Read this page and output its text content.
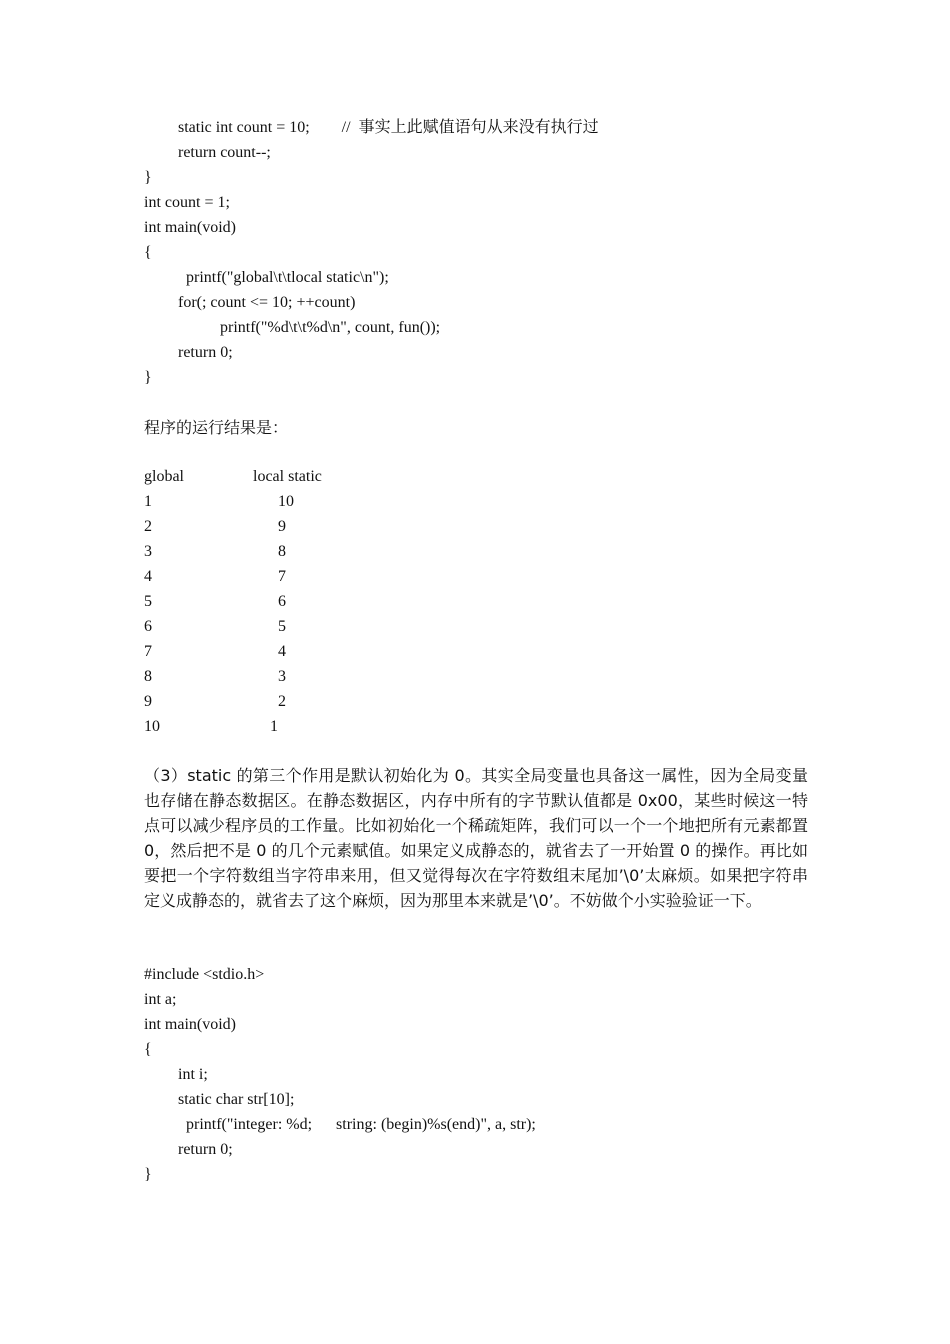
static int count = 10;        //  事实上此赋值语句从来没有执行过
return count--;
}
int count = 1;
int main(void)
{
printf("global\t\tlocal static\n");
for(; count <= 10; ++count)
printf("%d\t\t%d\n", count, fun());
return 0;
}
程序的运行结果是：
global	local static
1	10
2	9
3	8
4	7
5	6
6	5
7	4
8	3
9	2
10	1
（3）static 的第三个作用是默认初始化为 0。其实全局变量也具备这一属性，因为全局变量也存储在静态数据区。在静态数据区，内存中所有的字节默认值都是 0x00，某些时候这一特点可以减少程序员的工作量。比如初始化一个稀疏矩阵，我们可以一个一个地把所有元素都置 0，然后把不是 0 的几个元素赋值。如果定义成静态的，就省去了一开始置 0 的操作。再比如要把一个字符数组当字符串来用，但又觉得每次在字符数组末尾加’\0’太麻烦。如果把字符串定义成静态的，就省去了这个麻烦，因为那里本来就是’\0’。不妨做个小实验验证一下。
#include <stdio.h>
int a;
int main(void)
{
int i;
static char str[10];
printf("integer: %d;      string: (begin)%s(end)", a, str);
return 0;
}
